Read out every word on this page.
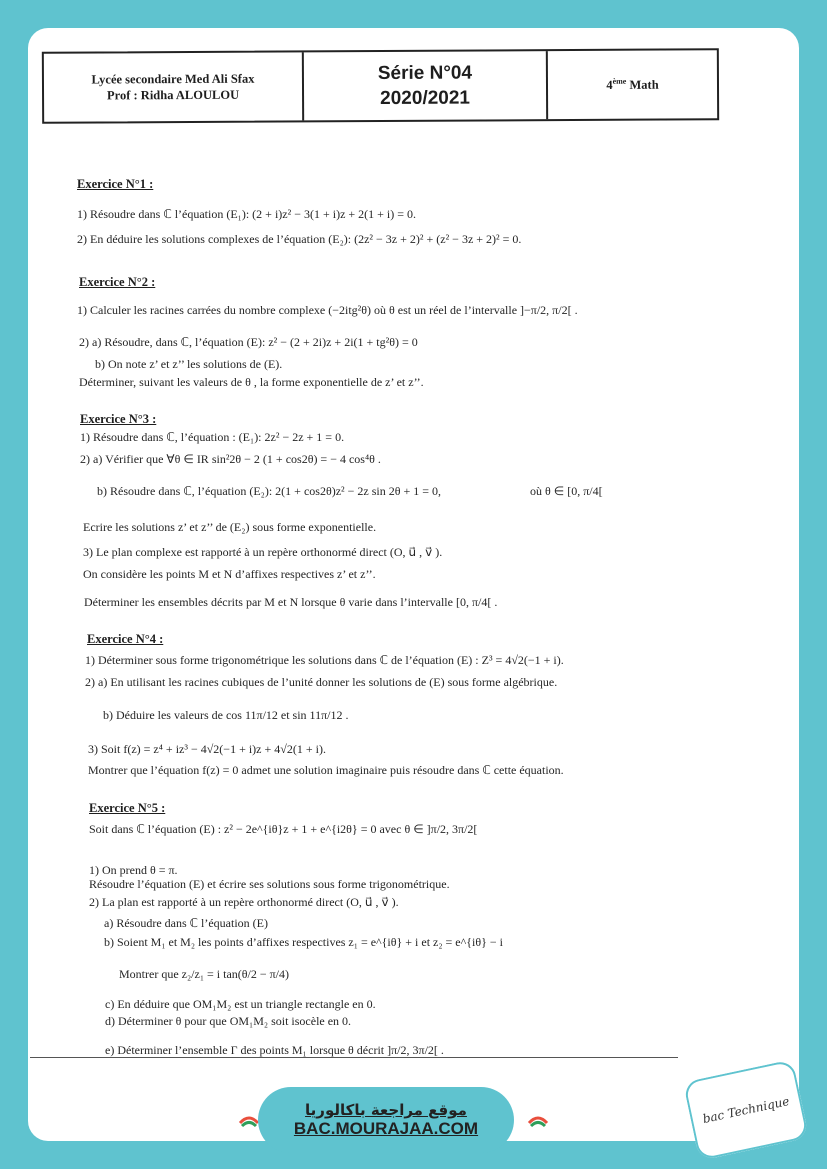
Lycée secondaire Med Ali Sfax
Prof : Ridha ALOULOU
Série N°04
2020/2021
4ème Math
Exercice N°1 :
1) Résoudre dans ℂ l’équation (E₁): (2 + i)z² − 3(1 + i)z + 2(1 + i) = 0.
2) En déduire les solutions complexes de l’équation (E₂): (2z² − 3z + 2)² + (z² − 3z + 2)² = 0.
Exercice N°2 :
1) Calculer les racines carrées du nombre complexe (−2itg²θ) où θ est un réel de l’intervalle ]−π/2, π/2[ .
2) a) Résoudre, dans ℂ, l’équation (E): z² − (2 + 2i)z + 2i(1 + tg²θ) = 0
b) On note z’ et z’’ les solutions de (E).
Déterminer, suivant les valeurs de θ , la forme exponentielle de z’ et z’’.
Exercice N°3 :
1) Résoudre dans ℂ, l’équation : (E₁): 2z² − 2z + 1 = 0.
2) a) Vérifier que ∀θ ∈ IR sin²2θ − 2 (1 + cos2θ) = − 4 cos⁴θ .
b) Résoudre dans ℂ, l’équation (E₂): 2(1 + cos2θ)z² − 2z sin 2θ + 1 = 0,	où θ ∈ [0, π/4[
Ecrire les solutions z’ et z’’ de (E₂) sous forme exponentielle.
3) Le plan complexe est rapporté à un repère orthonormé direct (O, u⃗ , v⃗ ).
On considère les points M et N d’affixes respectives z’ et z’’.
Déterminer les ensembles décrits par M et N lorsque θ varie dans l’intervalle [0, π/4[ .
Exercice N°4 :
1) Déterminer sous forme trigonométrique les solutions dans ℂ de l’équation (E) : Z³ = 4√2(−1 + i).
2) a) En utilisant les racines cubiques de l’unité donner les solutions de (E) sous forme algébrique.
b) Déduire les valeurs de cos 11π/12 et sin 11π/12 .
3) Soit f(z) = z⁴ + iz³ − 4√2(−1 + i)z + 4√2(1 + i).
Montrer que l’équation f(z) = 0 admet une solution imaginaire puis résoudre dans ℂ cette équation.
Exercice N°5 :
Soit dans ℂ l’équation (E) : z² − 2e^{iθ}z + 1 + e^{i2θ} = 0 avec θ ∈ ]π/2, 3π/2[
1) On prend θ = π.
Résoudre l’équation (E) et écrire ses solutions sous forme trigonométrique.
2) La plan est rapporté à un repère orthonormé direct (O, u⃗ , v⃗ ).
a) Résoudre dans ℂ l’équation (E)
b) Soient M₁ et M₂ les points d’affixes respectives z₁ = e^{iθ} + i et z₂ = e^{iθ} − i
Montrer que z₂/z₁ = i tan(θ/2 − π/4)
c) En déduire que OM₁M₂ est un triangle rectangle en 0.
d) Déterminer θ pour que OM₁M₂ soit isocèle en 0.
e) Déterminer l’ensemble Γ des points M₁ lorsque θ décrit ]π/2, 3π/2[ .
موقع مراجعة باكالوريا
BAC.MOURAJAA.COM
bac Technique
